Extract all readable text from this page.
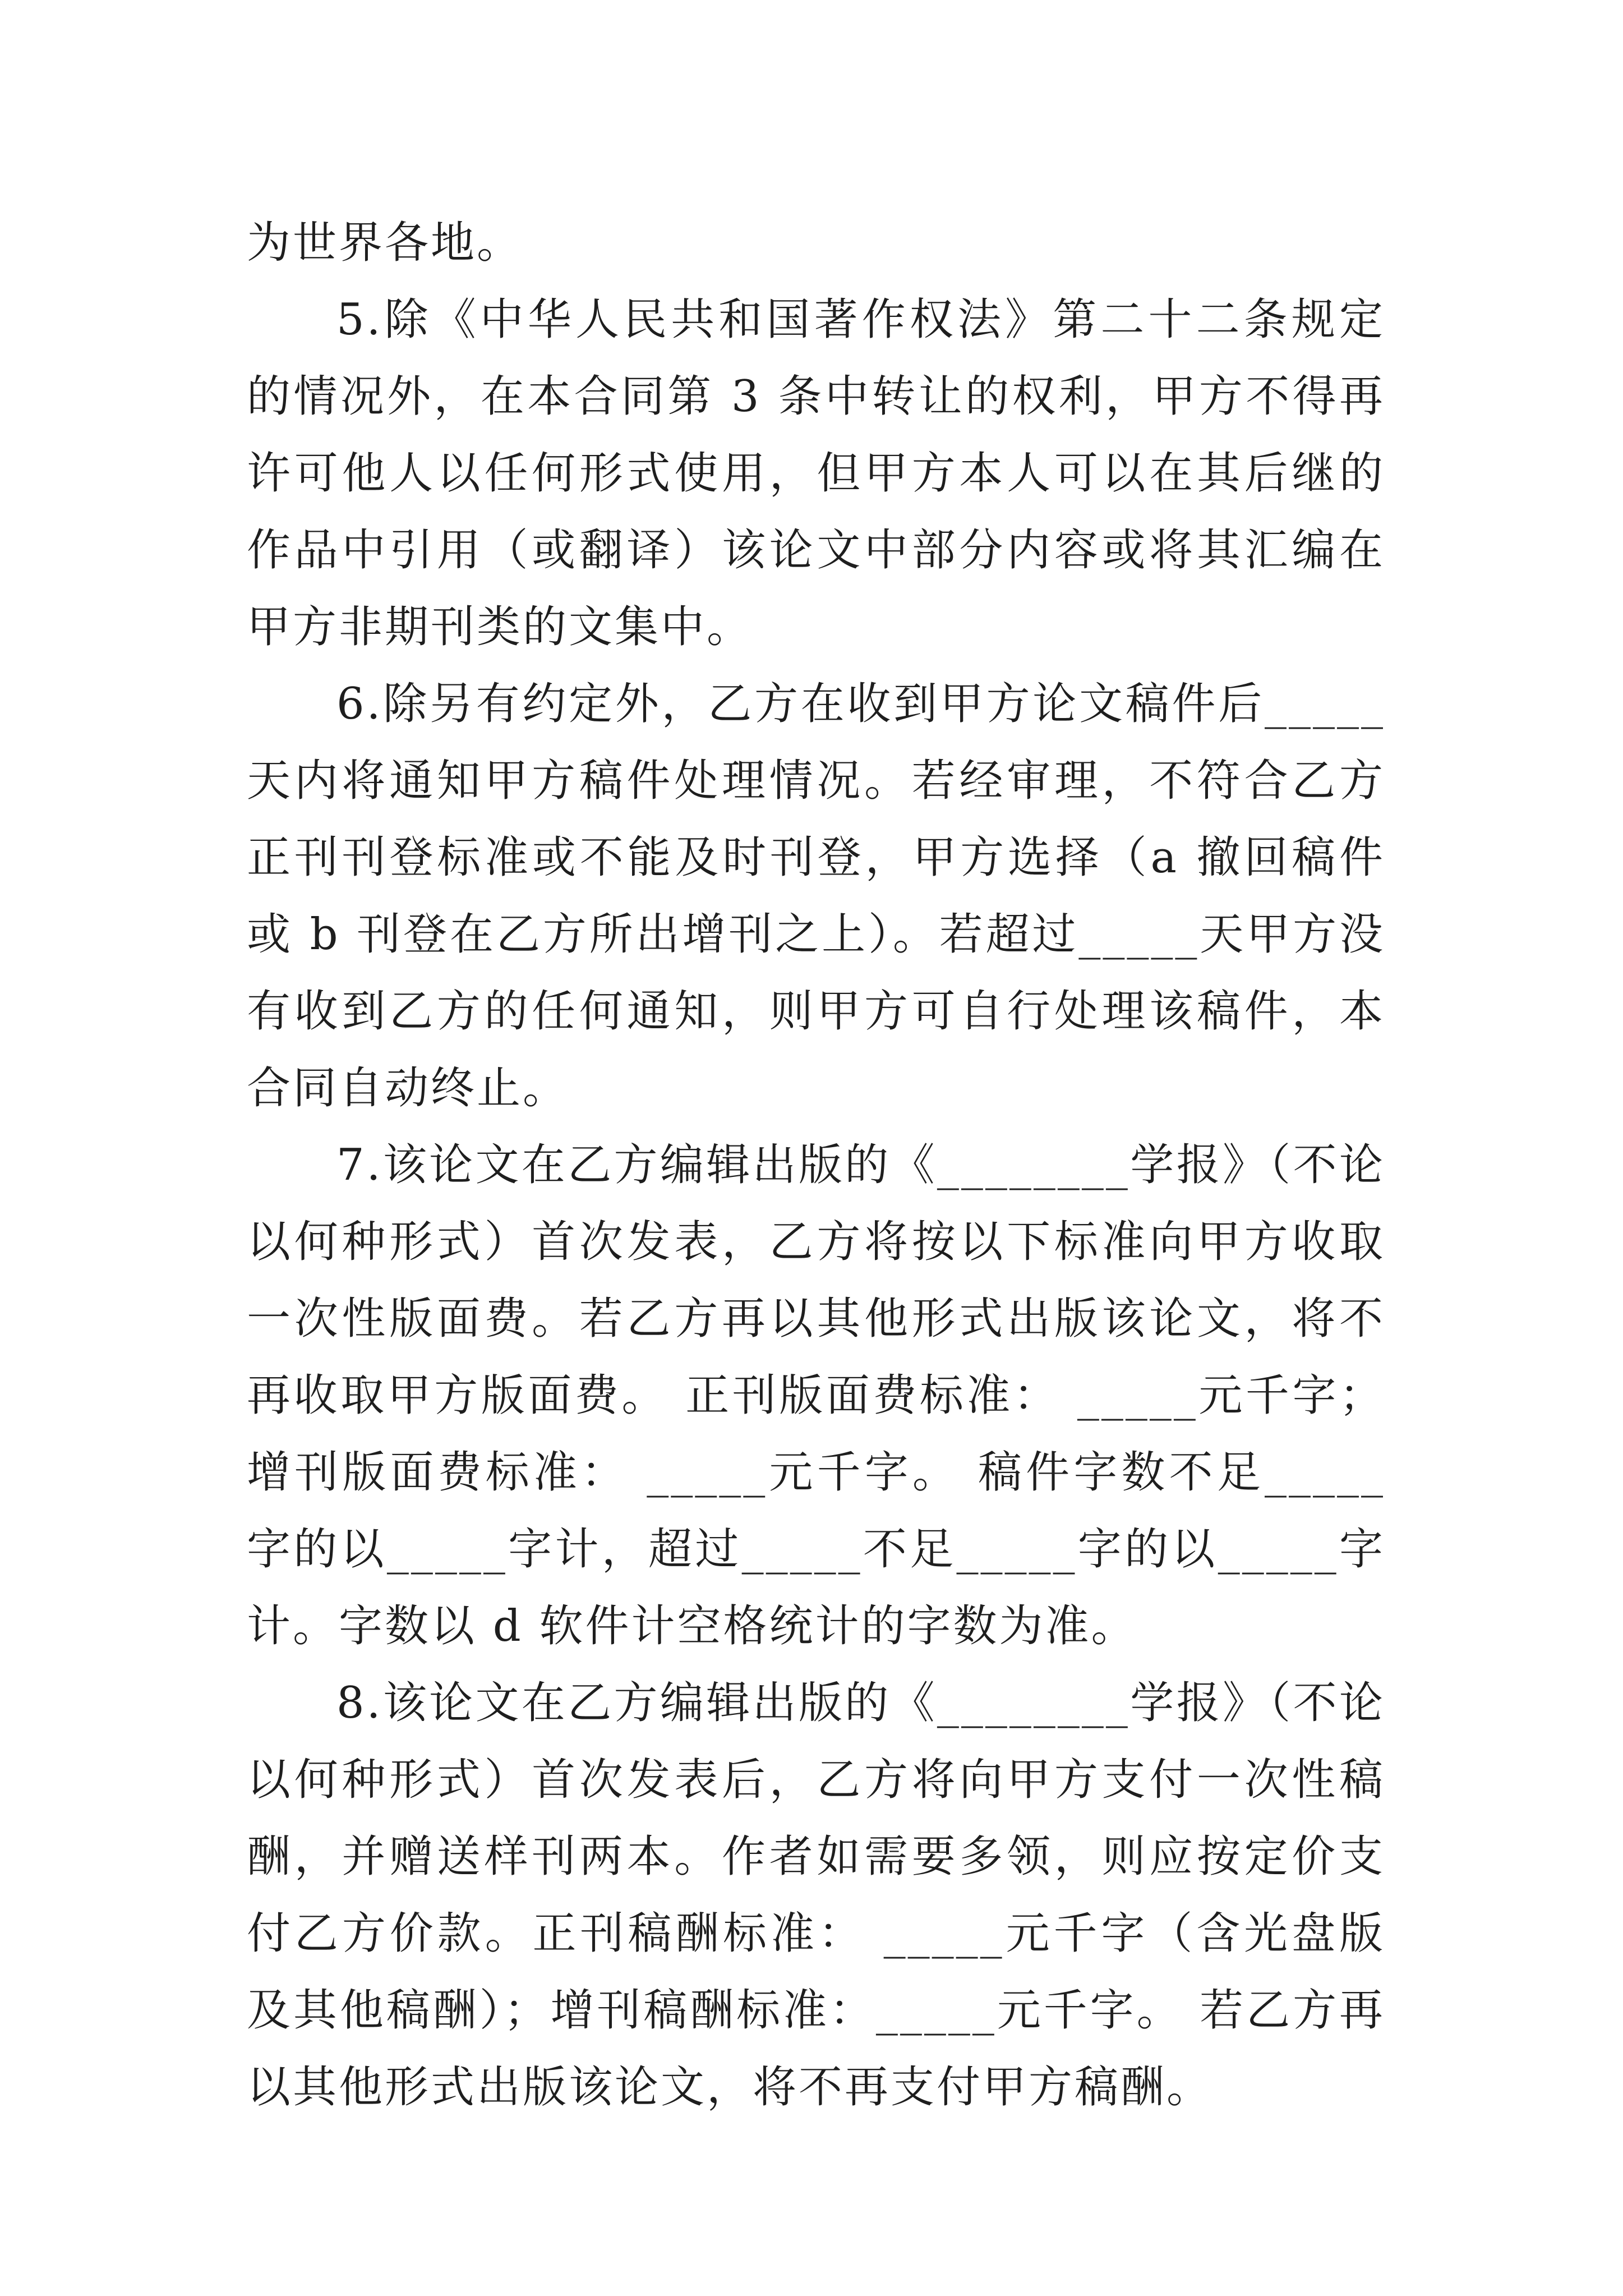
为世界各地。

5.除《中华人民共和国著作权法》第二十二条规定的情况外，在本合同第 3 条中转让的权利，甲方不得再许可他人以任何形式使用，但甲方本人可以在其后继的作品中引用（或翻译）该论文中部分内容或将其汇编在甲方非期刊类的文集中。

6.除另有约定外，乙方在收到甲方论文稿件后_____天内将通知甲方稿件处理情况。若经审理，不符合乙方正刊刊登标准或不能及时刊登，甲方选择（a 撤回稿件或 b 刊登在乙方所出增刊之上）。若超过_____天甲方没有收到乙方的任何通知，则甲方可自行处理该稿件，本合同自动终止。

7.该论文在乙方编辑出版的《________学报》（不论以何种形式）首次发表，乙方将按以下标准向甲方收取一次性版面费。若乙方再以其他形式出版该论文，将不再收取甲方版面费。 正刊版面费标准： _____元千字；增刊版面费标准： _____元千字。 稿件字数不足_____字的以_____字计，超过_____不足_____字的以_____字计。字数以 d 软件计空格统计的字数为准。

8.该论文在乙方编辑出版的《________学报》（不论以何种形式）首次发表后，乙方将向甲方支付一次性稿酬，并赠送样刊两本。作者如需要多领，则应按定价支付乙方价款。正刊稿酬标准： _____元千字（含光盘版及其他稿酬）；增刊稿酬标准：_____元千字。 若乙方再以其他形式出版该论文，将不再支付甲方稿酬。
